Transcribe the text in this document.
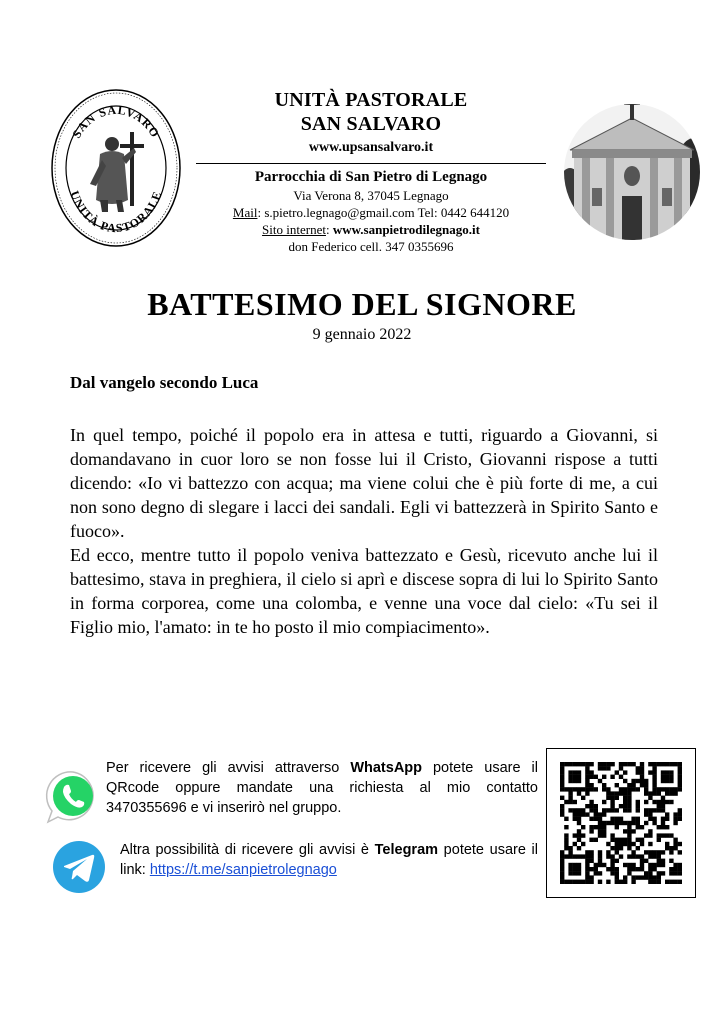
SAN SALVARO
UNITÀ PASTORALE
UNITÀ PASTORALE
SAN SALVARO
www.upsansalvaro.it
Parrocchia di San Pietro di Legnago
Via Verona 8, 37045 Legnago
Mail: s.pietro.legnago@gmail.com Tel: 0442 644120
Sito internet: www.sanpietrodilegnago.it
don Federico cell. 347 0355696
BATTESIMO DEL SIGNORE
9 gennaio 2022
Dal vangelo secondo Luca

In quel tempo, poiché il popolo era in attesa e tutti, riguardo a Giovanni, si domandavano in cuor loro se non fosse lui il Cristo, Giovanni rispose a tutti dicendo: «Io vi battezzo con acqua; ma viene colui che è più forte di me, a cui non sono degno di slegare i lacci dei sandali. Egli vi battezzerà in Spirito Santo e fuoco».

Ed ecco, mentre tutto il popolo veniva battezzato e Gesù, ricevuto anche lui il battesimo, stava in preghiera, il cielo si aprì e discese sopra di lui lo Spirito Santo in forma corporea, come una colomba, e venne una voce dal cielo: «Tu sei il Figlio mio, l'amato: in te ho posto il mio compiacimento».

Per ricevere gli avvisi attraverso WhatsApp potete usare il QRcode oppure mandate una richiesta al mio contatto 3470355696 e vi inserirò nel gruppo.
Altra possibilità di ricevere gli avvisi è Telegram potete usare il link: https://t.me/sanpietrolegnago
